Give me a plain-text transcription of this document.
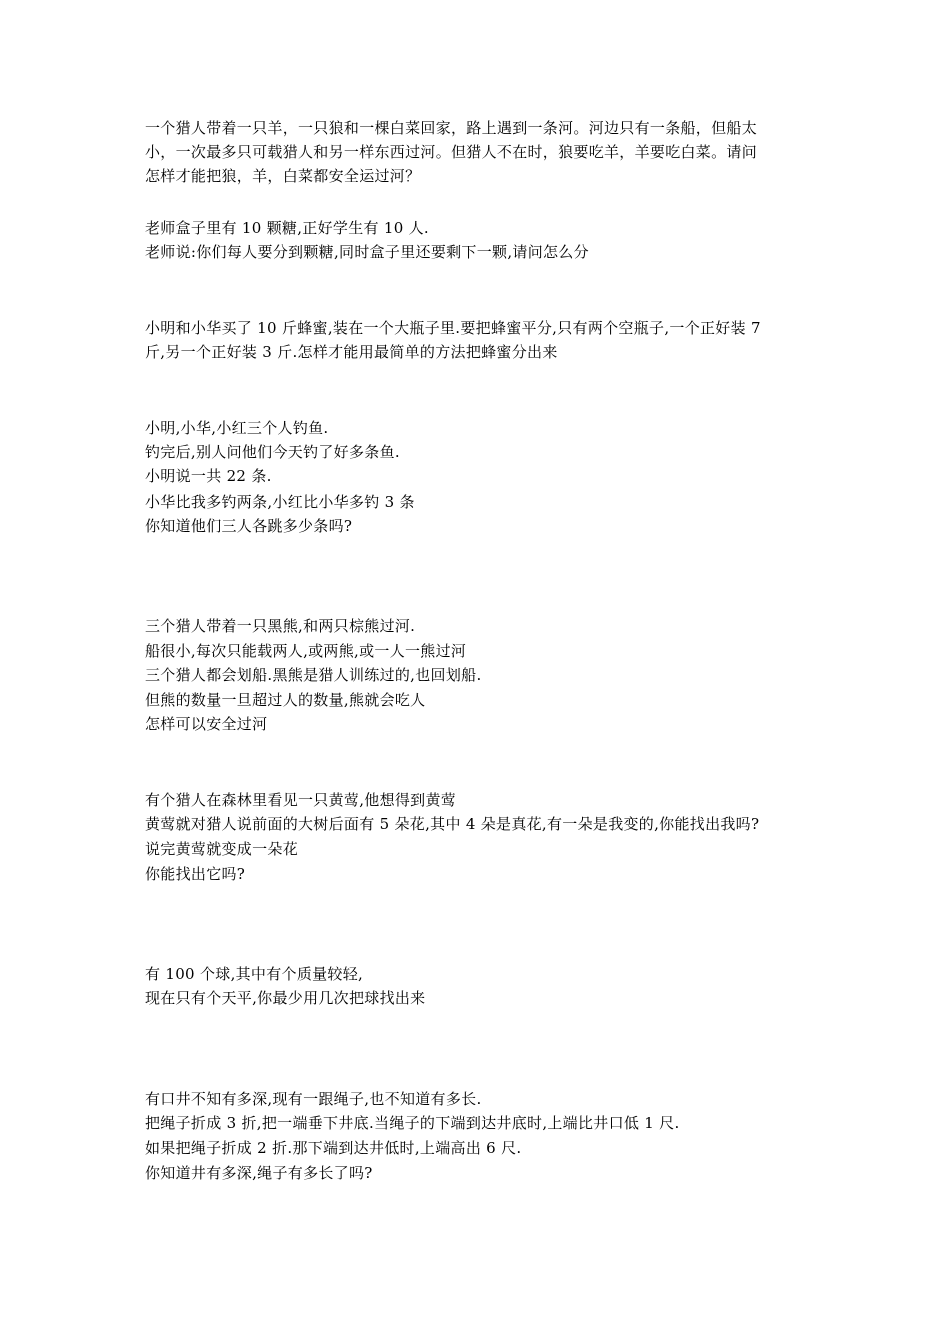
一个猎人带着一只羊，一只狼和一棵白菜回家，路上遇到一条河。河边只有一条船，但船太
小，一次最多只可载猎人和另一样东西过河。但猎人不在时，狼要吃羊，羊要吃白菜。请问
怎样才能把狼，羊，白菜都安全运过河？
老师盒子里有 10 颗糖,正好学生有 10 人.
老师说:你们每人要分到颗糖,同时盒子里还要剩下一颗,请问怎么分
小明和小华买了 10 斤蜂蜜,装在一个大瓶子里.要把蜂蜜平分,只有两个空瓶子,一个正好装 7
斤,另一个正好装 3 斤.怎样才能用最简单的方法把蜂蜜分出来
小明,小华,小红三个人钓鱼.
钓完后,别人问他们今天钓了好多条鱼.
小明说一共 22 条.
小华比我多钓两条,小红比小华多钓 3 条
你知道他们三人各跳多少条吗?
三个猎人带着一只黑熊,和两只棕熊过河.
船很小,每次只能载两人,或两熊,或一人一熊过河
三个猎人都会划船.黑熊是猎人训练过的,也回划船.
但熊的数量一旦超过人的数量,熊就会吃人
怎样可以安全过河
有个猎人在森林里看见一只黄莺,他想得到黄莺
黄莺就对猎人说前面的大树后面有 5 朵花,其中 4 朵是真花,有一朵是我变的,你能找出我吗?
说完黄莺就变成一朵花
你能找出它吗?
有 100 个球,其中有个质量较轻,
现在只有个天平,你最少用几次把球找出来
有口井不知有多深,现有一跟绳子,也不知道有多长.
把绳子折成 3 折,把一端垂下井底.当绳子的下端到达井底时,上端比井口低 1 尺.
如果把绳子折成 2 折.那下端到达井低时,上端高出 6 尺.
你知道井有多深,绳子有多长了吗?
